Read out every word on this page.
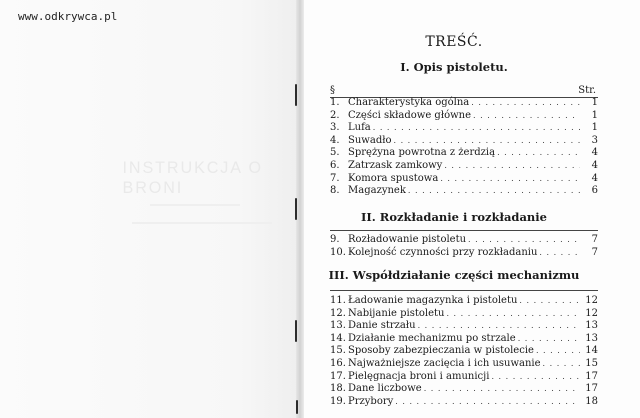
INSTRUKCJA O BRONI
www.odkrywca.pl
TREŚĆ.
I. Opis pistoletu.
§	Str.
1. Charakterystyka ogólna . . .	1
2. Części składowe główne . . .	1
3. Lufa . . .	1
4. Suwadło . . .	3
5. Sprężyna powrotna z żerdzią . . .	4
6. Zatrzask zamkowy . . .	4
7. Komora spustowa . . .	4
8. Magazynek . . .	6
II. Rozkładanie i rozkładanie
9. Rozładowanie pistoletu . . .	7
10. Kolejność czynności przy rozkładaniu . . .	7
III. Współdziałanie części mechanizmu
11. Ładowanie magazynka i pistoletu . . .	12
12. Nabijanie pistoletu . . .	12
13. Danie strzału . . .	13
14. Działanie mechanizmu po strzale . . .	13
15. Sposoby zabezpieczania w pistolecie . . .	14
16. Najważniejsze zacięcia i ich usuwanie . . .	15
17. Pielęgnacja broni i amunicji . . .	17
18. Dane liczbowe . . .	17
19. Przybory . . .	18
